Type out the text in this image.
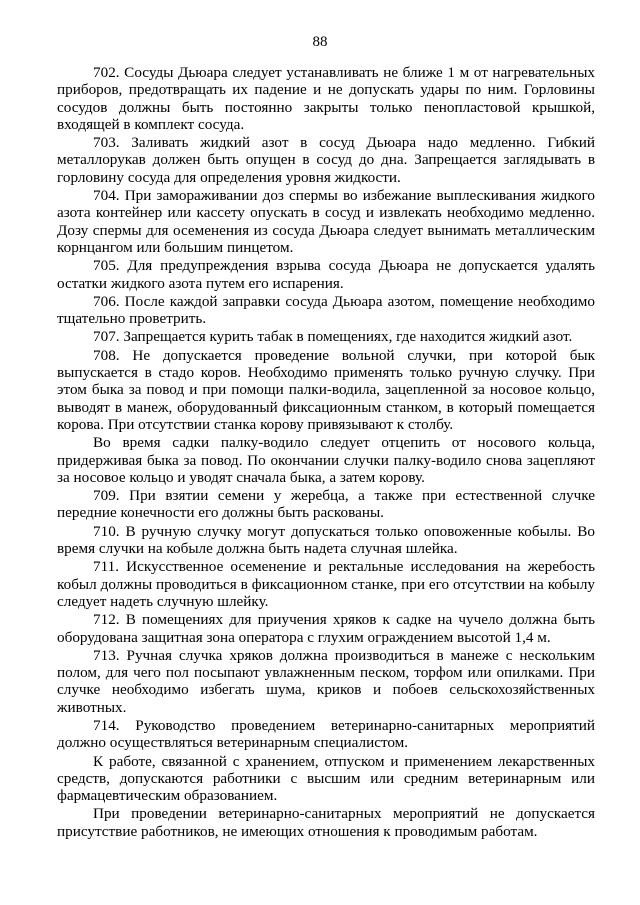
88

702. Сосуды Дьюара следует устанавливать не ближе 1 м от нагревательных приборов, предотвращать их падение и не допускать удары по ним. Горловины сосудов должны быть постоянно закрыты только пенопластовой крышкой, входящей в комплект сосуда.

703. Заливать жидкий азот в сосуд Дьюара надо медленно. Гибкий металлорукав должен быть опущен в сосуд до дна. Запрещается заглядывать в горловину сосуда для определения уровня жидкости.

704. При замораживании доз спермы во избежание выплескивания жидкого азота контейнер или кассету опускать в сосуд и извлекать необходимо медленно. Дозу спермы для осеменения из сосуда Дьюара следует вынимать металлическим корнцангом или большим пинцетом.

705. Для предупреждения взрыва сосуда Дьюара не допускается удалять остатки жидкого азота путем его испарения.

706. После каждой заправки сосуда Дьюара азотом, помещение необходимо тщательно проветрить.

707. Запрещается курить табак в помещениях, где находится жидкий азот.

708. Не допускается проведение вольной случки, при которой бык выпускается в стадо коров. Необходимо применять только ручную случку. При этом быка за повод и при помощи палки-водила, зацепленной за носовое кольцо, выводят в манеж, оборудованный фиксационным станком, в который помещается корова. При отсутствии станка корову привязывают к столбу.

Во время садки палку-водило следует отцепить от носового кольца, придерживая быка за повод. По окончании случки палку-водило снова зацепляют за носовое кольцо и уводят сначала быка, а затем корову.

709. При взятии семени у жеребца, а также при естественной случке передние конечности его должны быть раскованы.

710. В ручную случку могут допускаться только оповоженные кобылы. Во время случки на кобыле должна быть надета случная шлейка.

711. Искусственное осеменение и ректальные исследования на жеребость кобыл должны проводиться в фиксационном станке, при его отсутствии на кобылу следует надеть случную шлейку.

712. В помещениях для приучения хряков к садке на чучело должна быть оборудована защитная зона оператора с глухим ограждением высотой 1,4 м.

713. Ручная случка хряков должна производиться в манеже с нескольким полом, для чего пол посыпают увлажненным песком, торфом или опилками. При случке необходимо избегать шума, криков и побоев сельскохозяйственных животных.

714. Руководство проведением ветеринарно-санитарных мероприятий должно осуществляться ветеринарным специалистом.

К работе, связанной с хранением, отпуском и применением лекарственных средств, допускаются работники с высшим или средним ветеринарным или фармацевтическим образованием.

При проведении ветеринарно-санитарных мероприятий не допускается присутствие работников, не имеющих отношения к проводимым работам.
